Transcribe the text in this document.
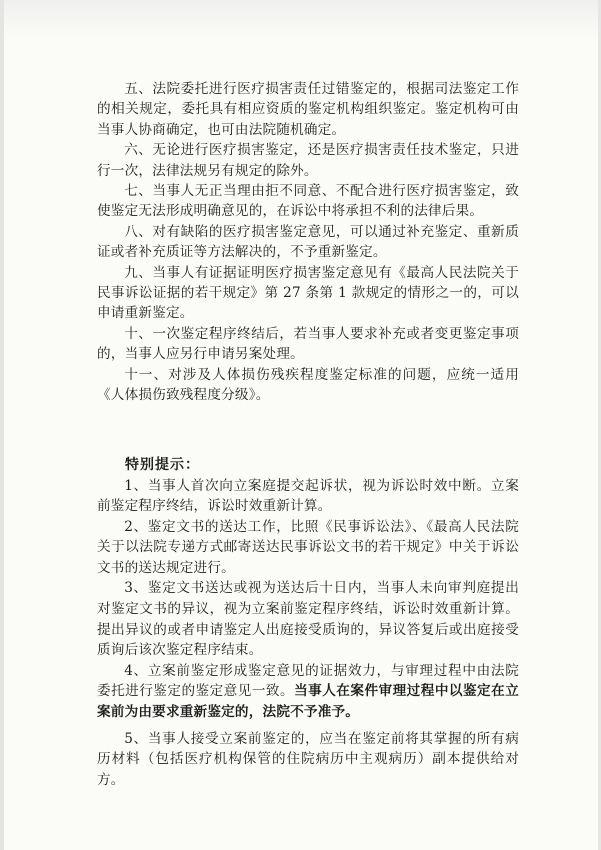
五、法院委托进行医疗损害责任过错鉴定的，根据司法鉴定工作的相关规定，委托具有相应资质的鉴定机构组织鉴定。鉴定机构可由当事人协商确定，也可由法院随机确定。

六、无论进行医疗损害鉴定，还是医疗损害责任技术鉴定，只进行一次，法律法规另有规定的除外。

七、当事人无正当理由拒不同意、不配合进行医疗损害鉴定，致使鉴定无法形成明确意见的，在诉讼中将承担不利的法律后果。

八、对有缺陷的医疗损害鉴定意见，可以通过补充鉴定、重新质证或者补充质证等方法解决的，不予重新鉴定。

九、当事人有证据证明医疗损害鉴定意见有《最高人民法院关于民事诉讼证据的若干规定》第 27 条第 1 款规定的情形之一的，可以申请重新鉴定。

十、一次鉴定程序终结后，若当事人要求补充或者变更鉴定事项的，当事人应另行申请另案处理。

十一、对涉及人体损伤残疾程度鉴定标准的问题，应统一适用《人体损伤致残程度分级》。

特别提示：

1、当事人首次向立案庭提交起诉状，视为诉讼时效中断。立案前鉴定程序终结，诉讼时效重新计算。

2、鉴定文书的送达工作，比照《民事诉讼法》、《最高人民法院关于以法院专递方式邮寄送达民事诉讼文书的若干规定》中关于诉讼文书的送达规定进行。

3、鉴定文书送达或视为送达后十日内，当事人未向审判庭提出对鉴定文书的异议，视为立案前鉴定程序终结，诉讼时效重新计算。提出异议的或者申请鉴定人出庭接受质询的，异议答复后或出庭接受质询后该次鉴定程序结束。

4、立案前鉴定形成鉴定意见的证据效力，与审理过程中由法院委托进行鉴定的鉴定意见一致。当事人在案件审理过程中以鉴定在立案前为由要求重新鉴定的，法院不予准予。

5、当事人接受立案前鉴定的，应当在鉴定前将其掌握的所有病历材料（包括医疗机构保管的住院病历中主观病历）副本提供给对方。
